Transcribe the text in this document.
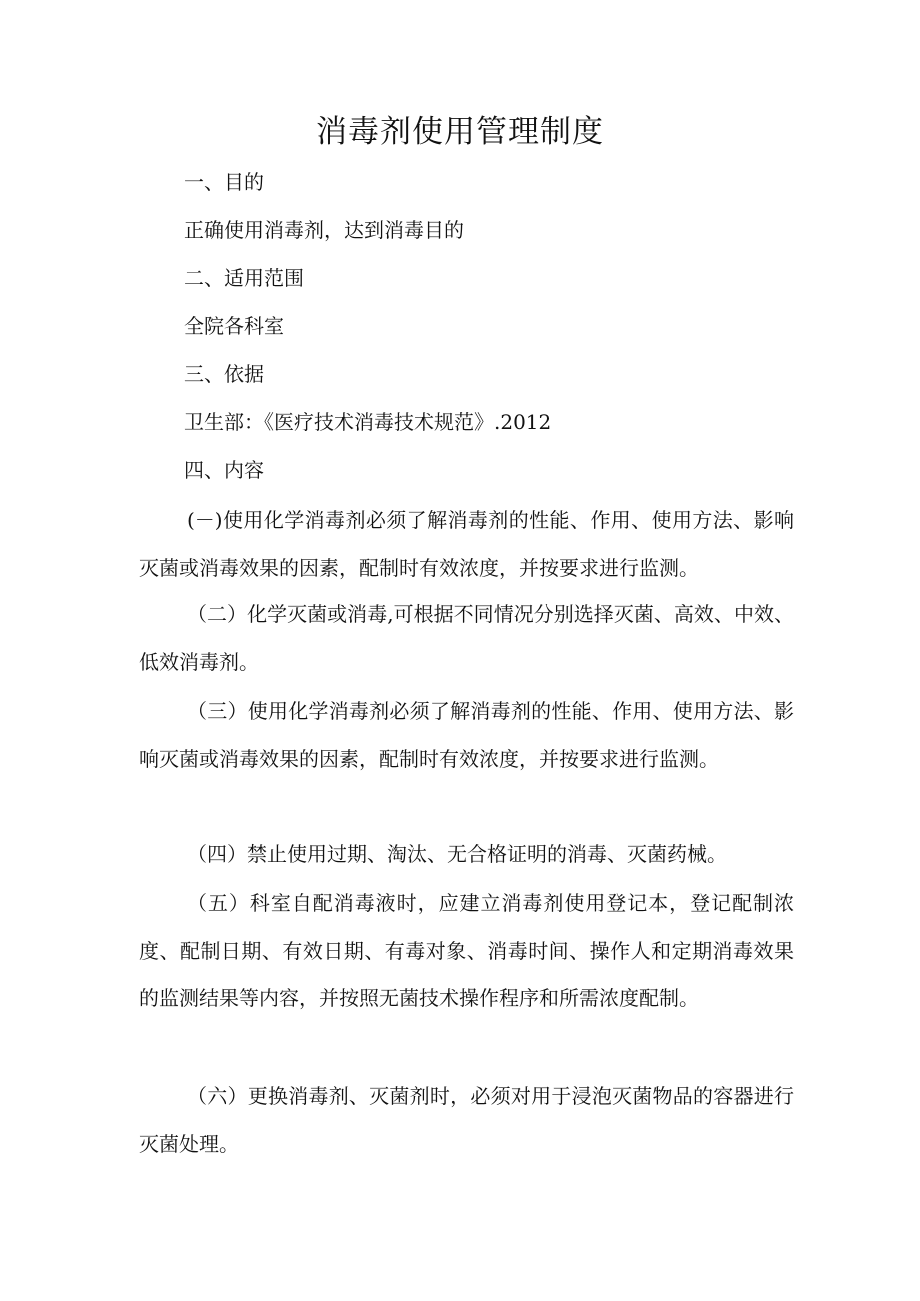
消毒剂使用管理制度
一、目的
正确使用消毒剂，达到消毒目的
二、适用范围
全院各科室
三、依据
卫生部：《医疗技术消毒技术规范》.2012
四、内容
(－)使用化学消毒剂必须了解消毒剂的性能、作用、使用方法、影响灭菌或消毒效果的因素，配制时有效浓度，并按要求进行监测。
（二）化学灭菌或消毒,可根据不同情况分别选择灭菌、高效、中效、低效消毒剂。
（三）使用化学消毒剂必须了解消毒剂的性能、作用、使用方法、影响灭菌或消毒效果的因素，配制时有效浓度，并按要求进行监测。
（四）禁止使用过期、淘汰、无合格证明的消毒、灭菌药械。
（五）科室自配消毒液时，应建立消毒剂使用登记本，登记配制浓度、配制日期、有效日期、有毒对象、消毒时间、操作人和定期消毒效果的监测结果等内容，并按照无菌技术操作程序和所需浓度配制。
（六）更换消毒剂、灭菌剂时，必须对用于浸泡灭菌物品的容器进行灭菌处理。
